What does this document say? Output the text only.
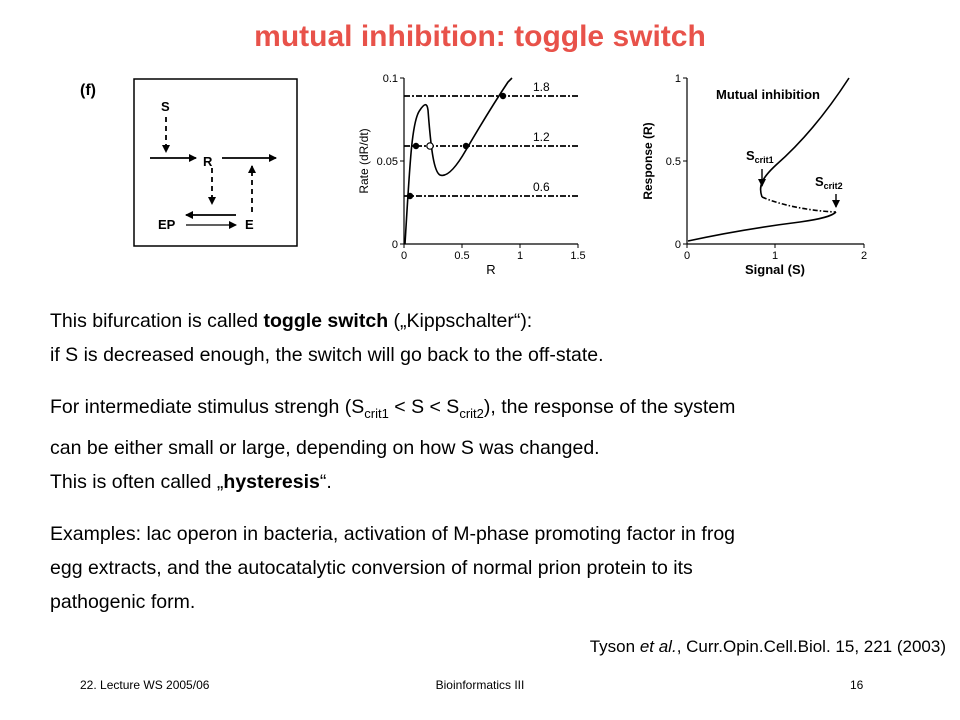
mutual inhibition: toggle switch
(f)
S
R
EP	E
0	0.5	1	1.5
0
0.05
0.1
R
Rate (dR/dt)
1.8
1.2
0.6
0	1	2
0
0.5
1
Signal (S)
Response (R)
Mutual inhibition
$S_{crit1}$
$S_{crit2}$

This bifurcation is called toggle switch („Kippschalter“):

if S is decreased enough, the switch will go back to the off-state.

For intermediate stimulus strengh $(S_{crit1} < S < S_{crit2})$, the response of the system

can be either small or large, depending on how S was changed.

This is often called „hysteresis“.

Examples: lac operon in bacteria, activation of M-phase promoting factor in frog

egg extracts, and the autocatalytic conversion of normal prion protein to its

pathogenic form.

Tyson et al., Curr.Opin.Cell.Biol. 15, 221 (2003)
22. Lecture WS 2005/06	Bioinformatics III	16
